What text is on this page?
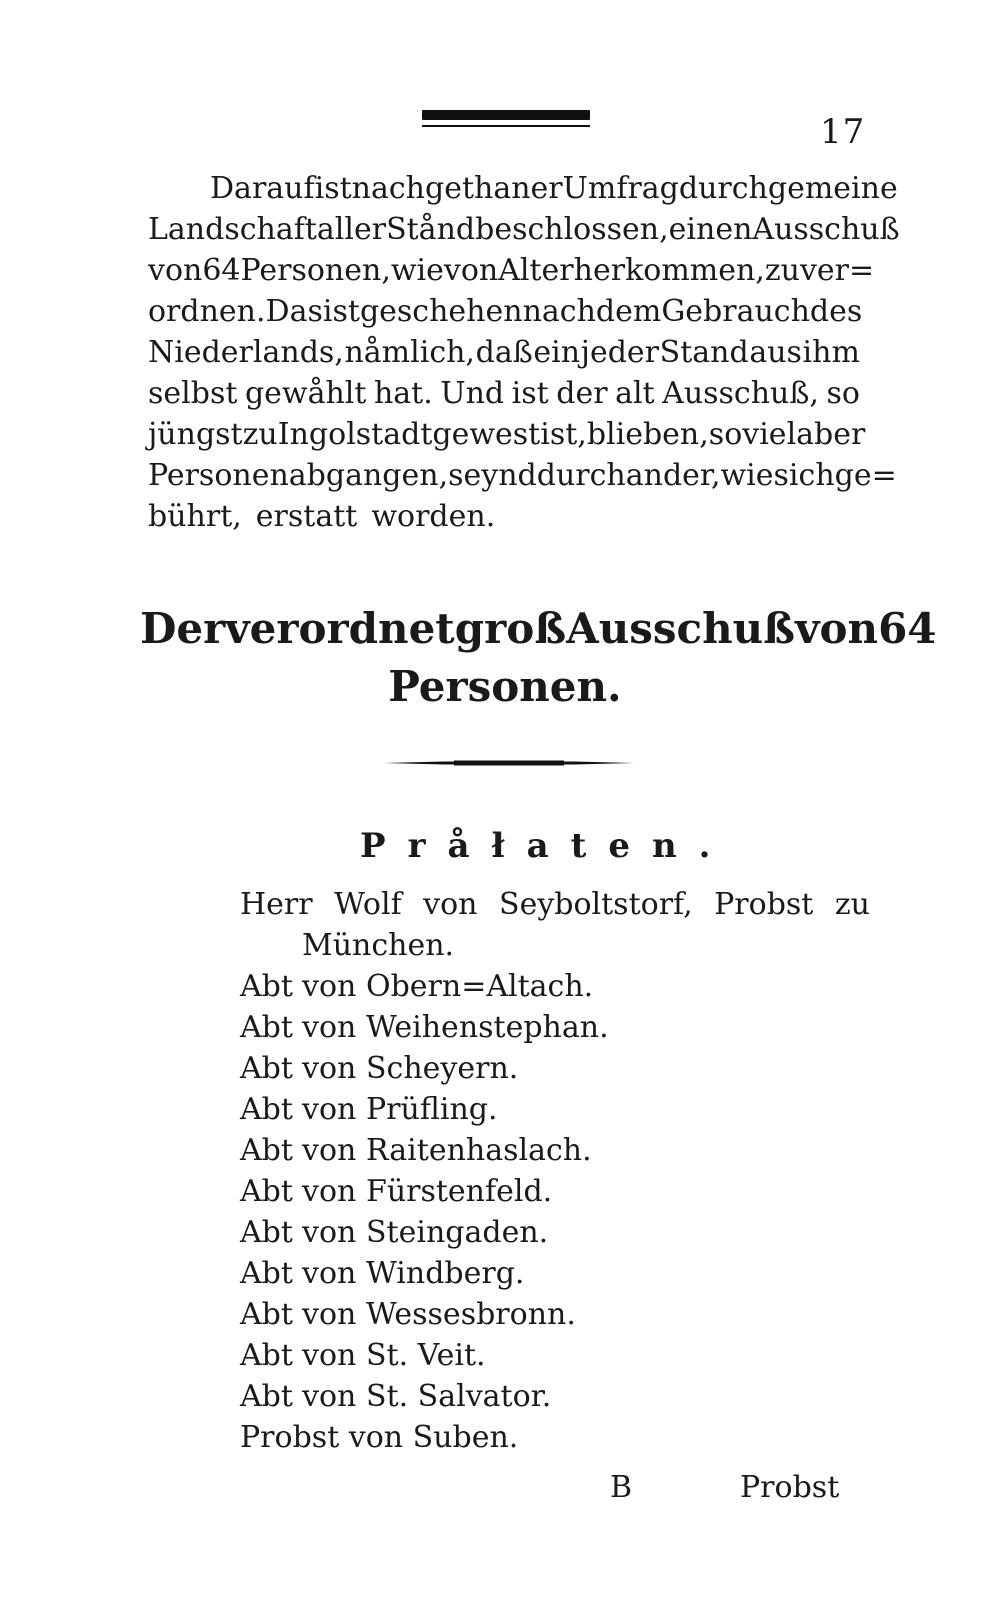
17
Darauf ist nach gethaner Umfrag durch gemeine
Landschaft aller Stånd beschlossen, einen Ausschuß
von 64 Personen, wie von Alter herkommen, zu ver=
ordnen. Das ist geschehen nach dem Gebrauch des
Niederlands, nåmlich, daß ein jeder Stand aus ihm
selbst gewåhlt hat. Und ist der alt Ausschuß, so
jüngst zu Ingolstadt gewest ist, blieben, so viel aber
Personen abgangen, seynd durch ander, wie sich ge=
bührt, erstatt worden.
Der verordnet groß Ausschuß von 64
Personen.
Pråłaten.
Herr Wolf von Seyboltstorf, Probst zu
München.
Abt von Obern=Altach.
Abt von Weihenstephan.
Abt von Scheyern.
Abt von Prüfling.
Abt von Raitenhaslach.
Abt von Fürstenfeld.
Abt von Steingaden.
Abt von Windberg.
Abt von Wessesbronn.
Abt von St. Veit.
Abt von St. Salvator.
Probst von Suben.
B	Probst
